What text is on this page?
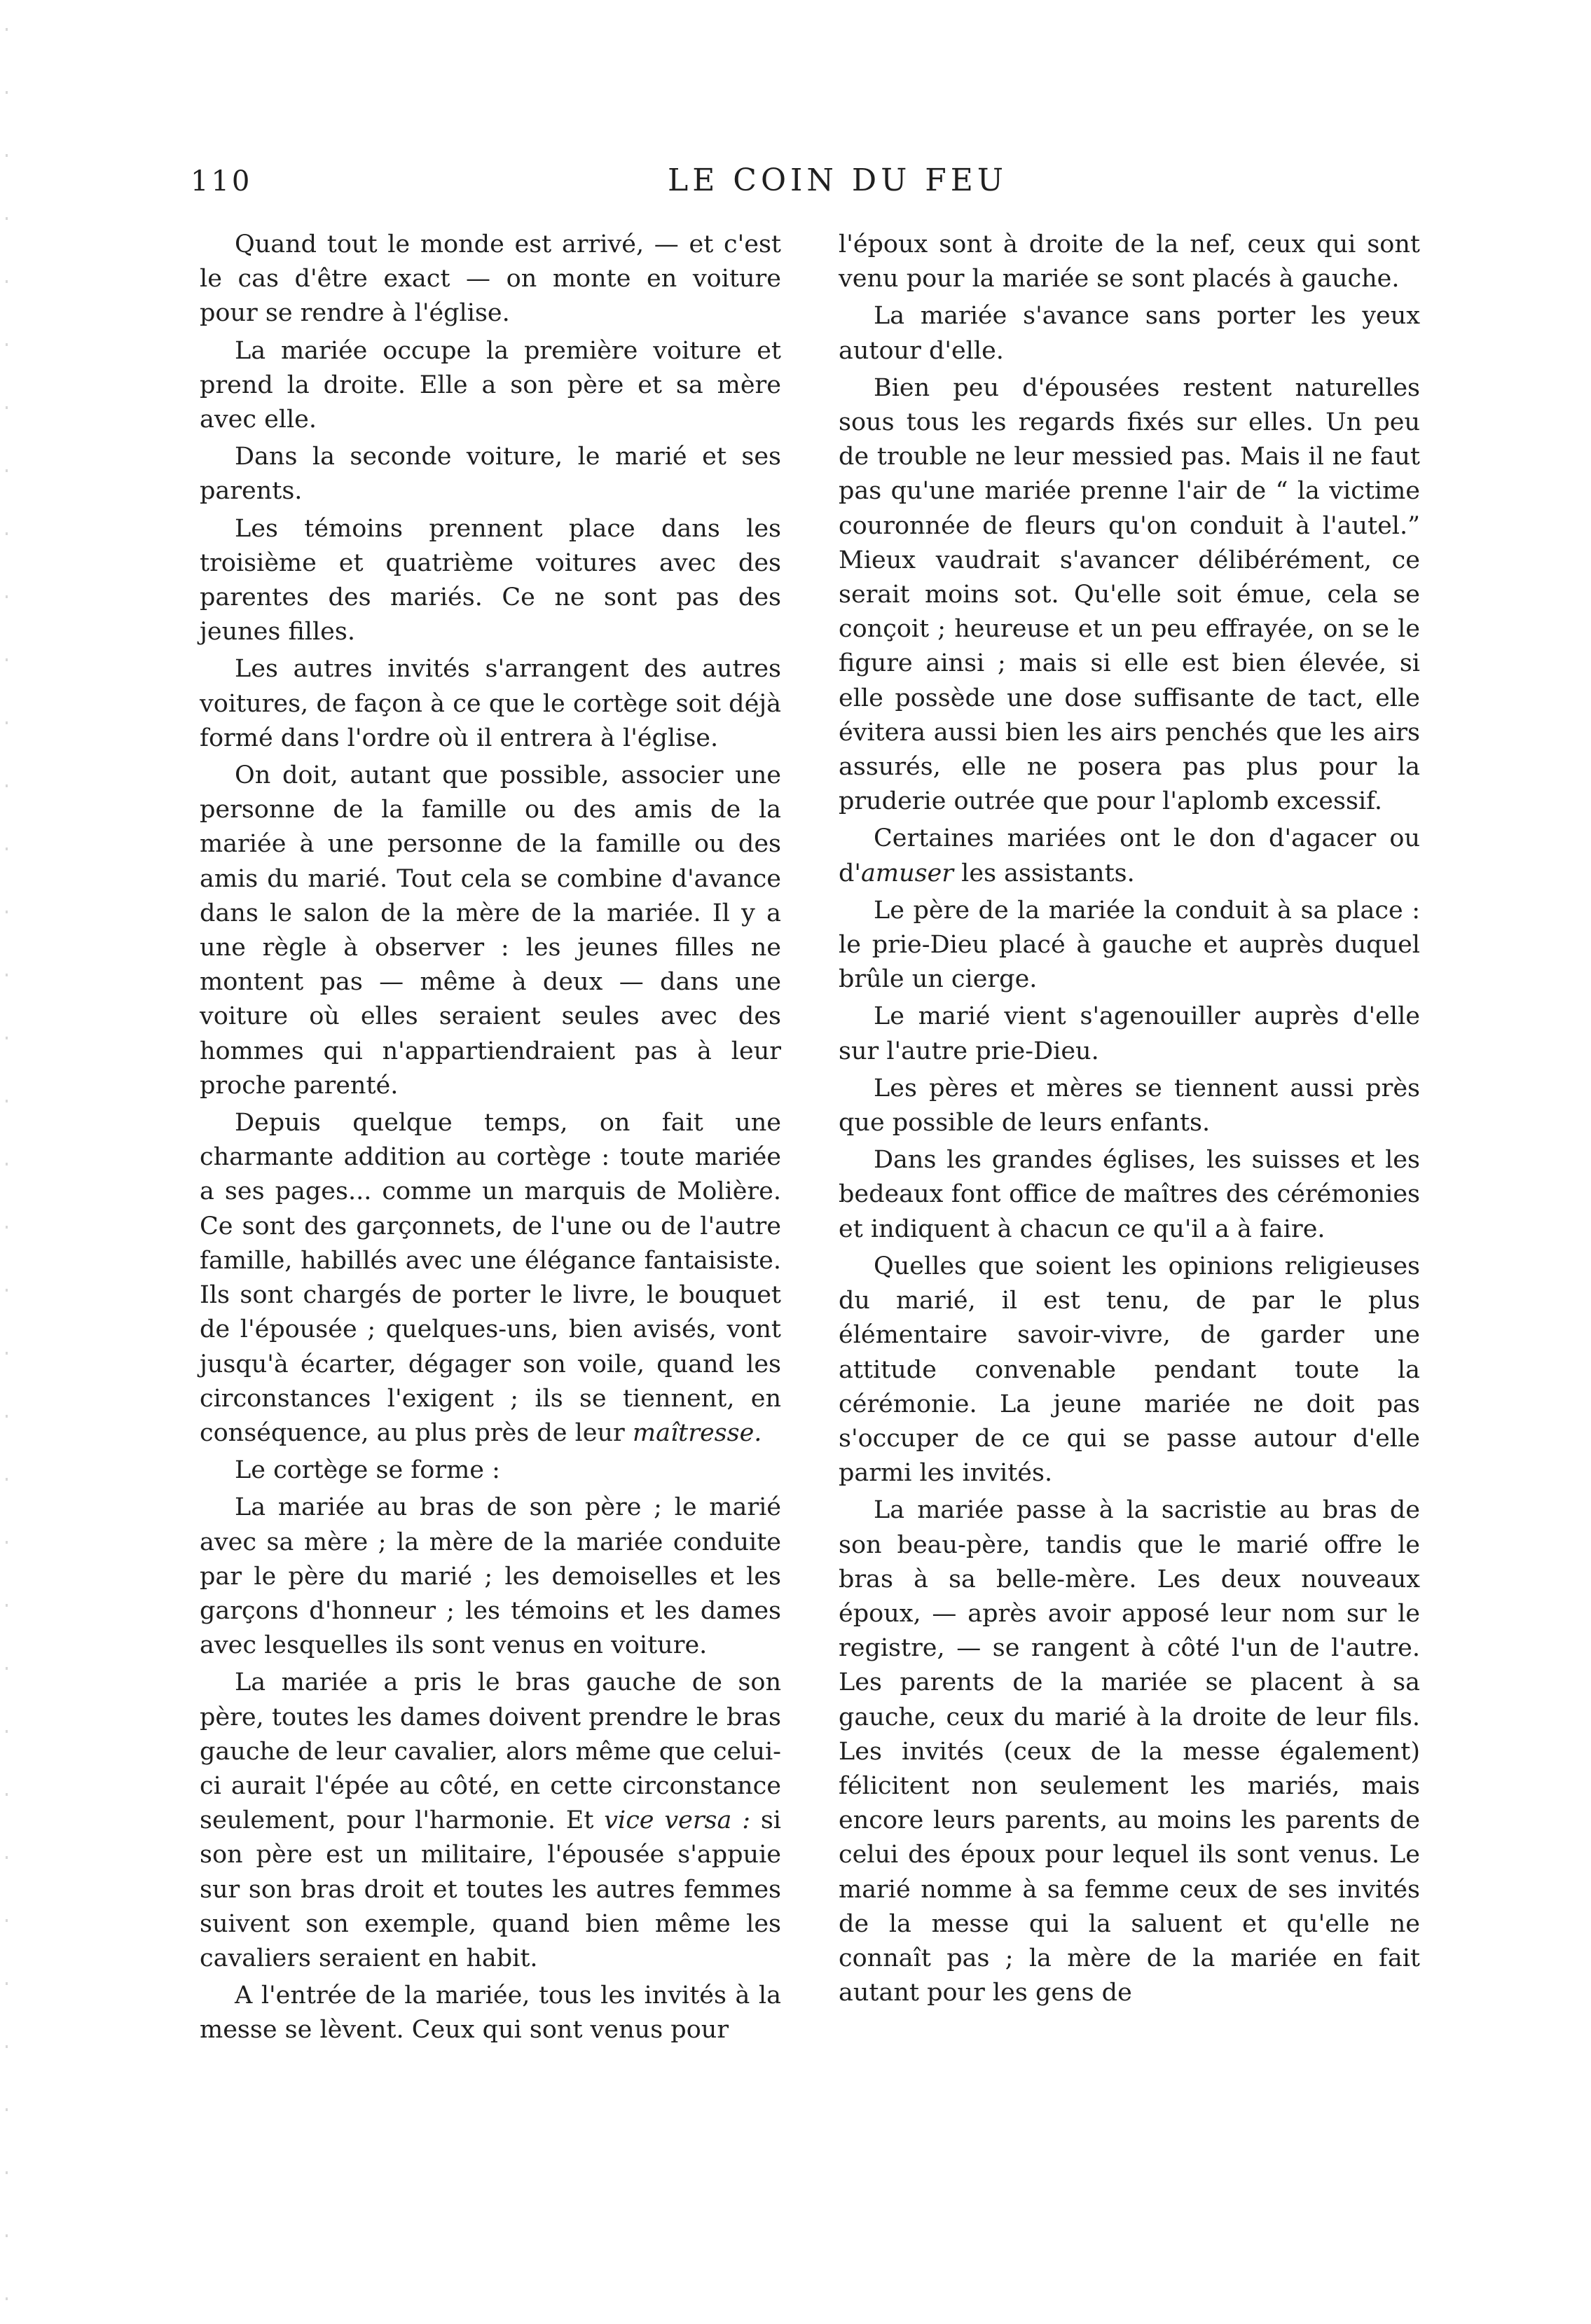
110	LE COIN DU FEU

Quand tout le monde est arrivé, — et c'est le cas d'être exact — on monte en voiture pour se rendre à l'église.

La mariée occupe la première voiture et prend la droite. Elle a son père et sa mère avec elle.

Dans la seconde voiture, le marié et ses parents.

Les témoins prennent place dans les troisième et quatrième voitures avec des parentes des mariés. Ce ne sont pas des jeunes filles.

Les autres invités s'arrangent des autres voitures, de façon à ce que le cortège soit déjà formé dans l'ordre où il entrera à l'église.

On doit, autant que possible, associer une personne de la famille ou des amis de la mariée à une personne de la famille ou des amis du marié. Tout cela se combine d'avance dans le salon de la mère de la mariée. Il y a une règle à observer : les jeunes filles ne montent pas — même à deux — dans une voiture où elles seraient seules avec des hommes qui n'appartiendraient pas à leur proche parenté.

Depuis quelque temps, on fait une charmante addition au cortège : toute mariée a ses pages... comme un marquis de Molière. Ce sont des garçonnets, de l'une ou de l'autre famille, habillés avec une élégance fantaisiste. Ils sont chargés de porter le livre, le bouquet de l'épousée ; quelques-uns, bien avisés, vont jusqu'à écarter, dégager son voile, quand les circonstances l'exigent ; ils se tiennent, en conséquence, au plus près de leur maîtresse.

Le cortège se forme :

La mariée au bras de son père ; le marié avec sa mère ; la mère de la mariée conduite par le père du marié ; les demoiselles et les garçons d'honneur ; les témoins et les dames avec lesquelles ils sont venus en voiture.

La mariée a pris le bras gauche de son père, toutes les dames doivent prendre le bras gauche de leur cavalier, alors même que celui-ci aurait l'épée au côté, en cette circonstance seulement, pour l'harmonie. Et vice versa : si son père est un militaire, l'épousée s'appuie sur son bras droit et toutes les autres femmes suivent son exemple, quand bien même les cavaliers seraient en habit.

A l'entrée de la mariée, tous les invités à la messe se lèvent. Ceux qui sont venus pour

l'époux sont à droite de la nef, ceux qui sont venu pour la mariée se sont placés à gauche.

La mariée s'avance sans porter les yeux autour d'elle.

Bien peu d'épousées restent naturelles sous tous les regards fixés sur elles. Un peu de trouble ne leur messied pas. Mais il ne faut pas qu'une mariée prenne l'air de “ la victime couronnée de fleurs qu'on conduit à l'autel.” Mieux vaudrait s'avancer délibérément, ce serait moins sot. Qu'elle soit émue, cela se conçoit ; heureuse et un peu effrayée, on se le figure ainsi ; mais si elle est bien élevée, si elle possède une dose suffisante de tact, elle évitera aussi bien les airs penchés que les airs assurés, elle ne posera pas plus pour la pruderie outrée que pour l'aplomb excessif.

Certaines mariées ont le don d'agacer ou d'amuser les assistants.

Le père de la mariée la conduit à sa place : le prie-Dieu placé à gauche et auprès duquel brûle un cierge.

Le marié vient s'agenouiller auprès d'elle sur l'autre prie-Dieu.

Les pères et mères se tiennent aussi près que possible de leurs enfants.

Dans les grandes églises, les suisses et les bedeaux font office de maîtres des cérémonies et indiquent à chacun ce qu'il a à faire.

Quelles que soient les opinions religieuses du marié, il est tenu, de par le plus élémentaire savoir-vivre, de garder une attitude convenable pendant toute la cérémonie. La jeune mariée ne doit pas s'occuper de ce qui se passe autour d'elle parmi les invités.

La mariée passe à la sacristie au bras de son beau-père, tandis que le marié offre le bras à sa belle-mère. Les deux nouveaux époux, — après avoir apposé leur nom sur le registre, — se rangent à côté l'un de l'autre. Les parents de la mariée se placent à sa gauche, ceux du marié à la droite de leur fils. Les invités (ceux de la messe également) félicitent non seulement les mariés, mais encore leurs parents, au moins les parents de celui des époux pour lequel ils sont venus. Le marié nomme à sa femme ceux de ses invités de la messe qui la saluent et qu'elle ne connaît pas ; la mère de la mariée en fait autant pour les gens de
